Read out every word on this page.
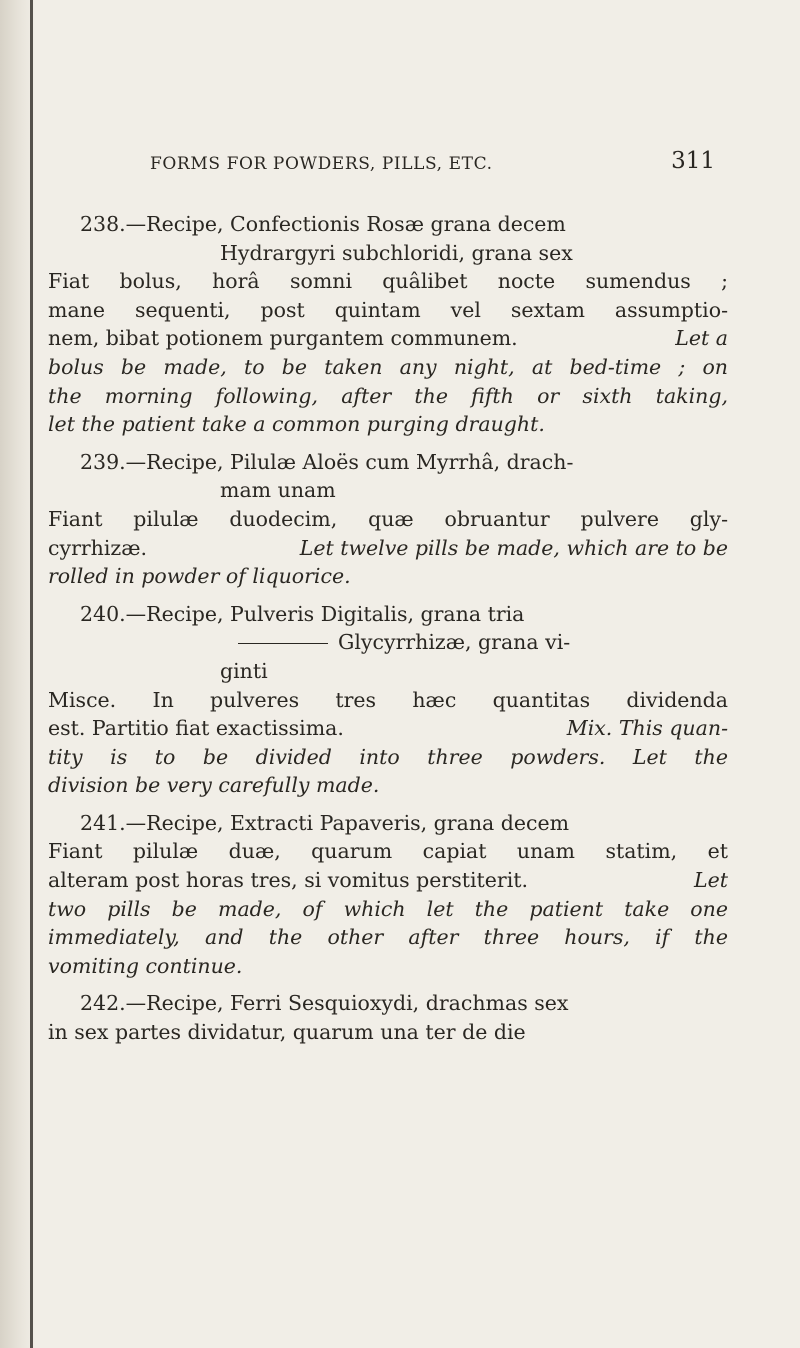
FORMS FOR POWDERS, PILLS, ETC.	311
238.—Recipe, Confectionis Rosæ grana decem
Hydrargyri subchloridi, grana sex
Fiat bolus, horâ somni quâlibet nocte sumendus ;
mane sequenti, post quintam vel sextam assumptio-
nem, bibat potionem purgantem communem.	Let a
bolus be made, to be taken any night, at bed-time ; on
the morning following, after the fifth or sixth taking,
let the patient take a common purging draught.
239.—Recipe, Pilulæ Aloës cum Myrrhâ, drach-
mam unam
Fiant pilulæ duodecim, quæ obruantur pulvere gly-
cyrrhizæ.	Let twelve pills be made, which are to be
rolled in powder of liquorice.
240.—Recipe, Pulveris Digitalis, grana tria
Glycyrrhizæ, grana vi-
ginti
Misce. In pulveres tres hæc quantitas dividenda
est. Partitio fiat exactissima.	Mix. This quan-
tity is to be divided into three powders. Let the
division be very carefully made.
241.—Recipe, Extracti Papaveris, grana decem
Fiant pilulæ duæ, quarum capiat unam statim, et
alteram post horas tres, si vomitus perstiterit.	Let
two pills be made, of which let the patient take one
immediately, and the other after three hours, if the
vomiting continue.
242.—Recipe, Ferri Sesquioxydi, drachmas sex
in sex partes dividatur, quarum una ter de die
